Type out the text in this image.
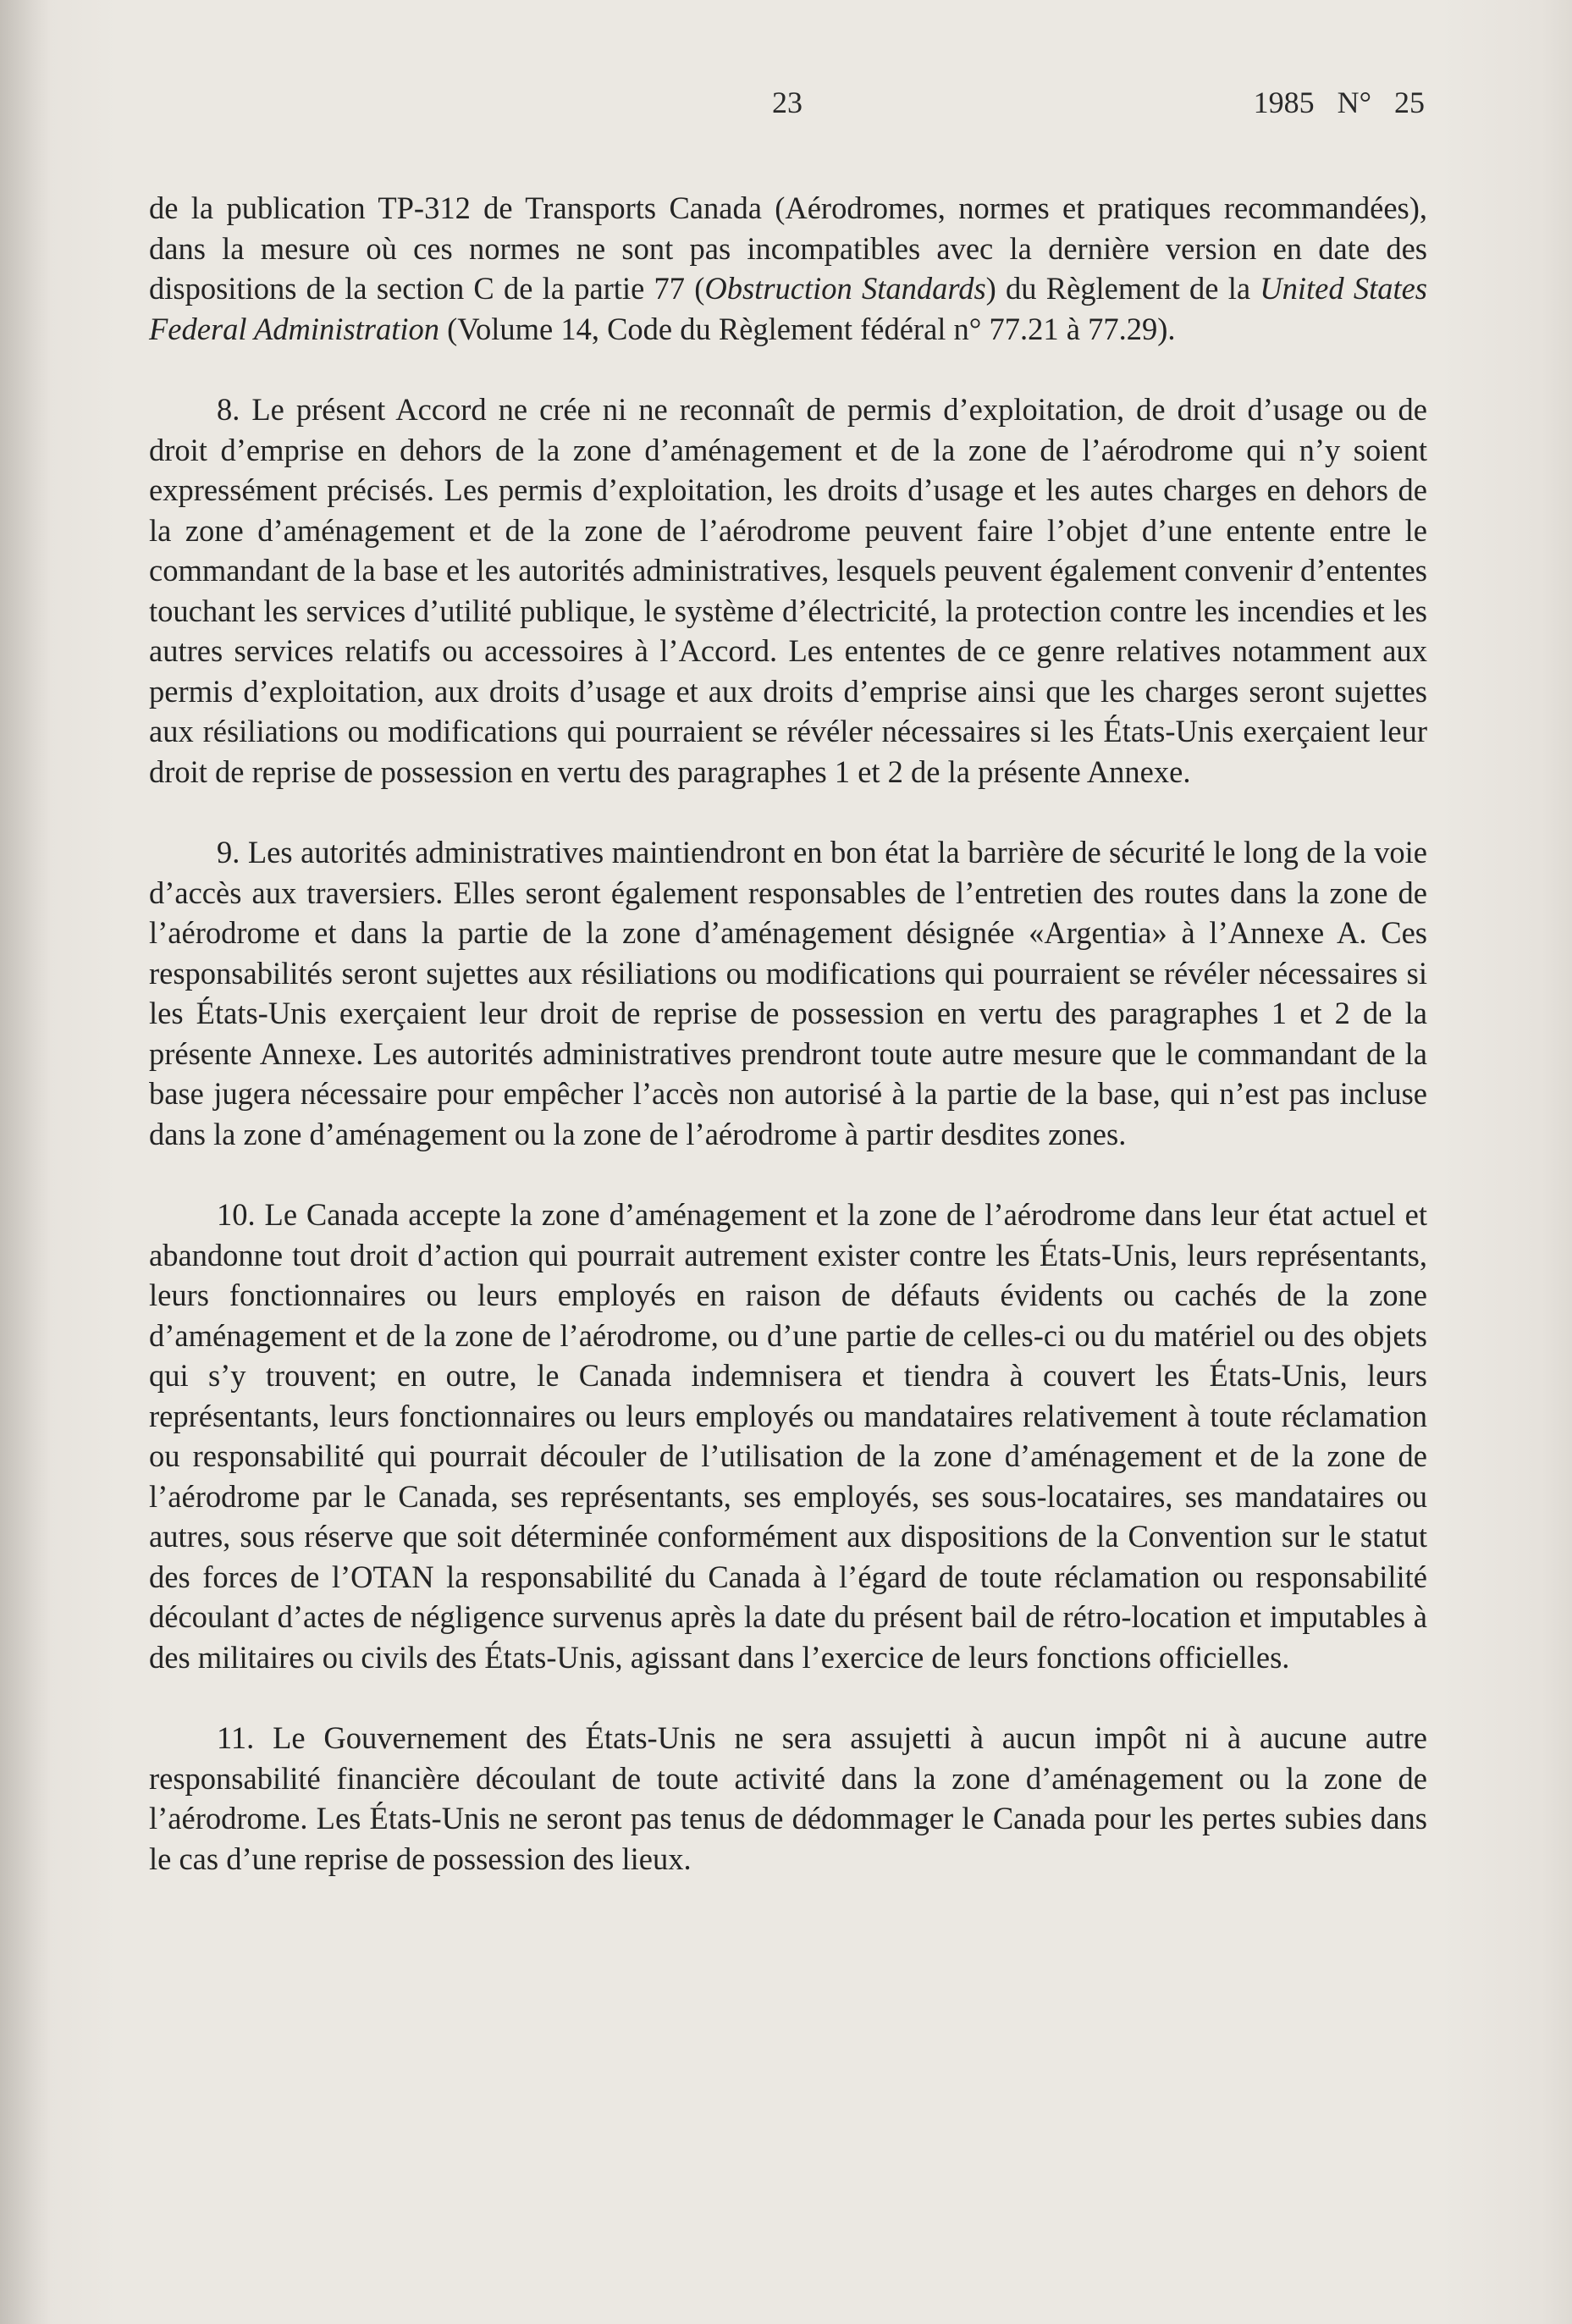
23	1985 N° 25

de la publication TP-312 de Transports Canada (Aérodromes, normes et pratiques recommandées), dans la mesure où ces normes ne sont pas incompatibles avec la dernière version en date des dispositions de la section C de la partie 77 (Obstruction Standards) du Règlement de la United States Federal Administration (Volume 14, Code du Règlement fédéral n° 77.21 à 77.29).

8. Le présent Accord ne crée ni ne reconnaît de permis d’exploitation, de droit d’usage ou de droit d’emprise en dehors de la zone d’aménagement et de la zone de l’aérodrome qui n’y soient expressément précisés. Les permis d’exploitation, les droits d’usage et les autes charges en dehors de la zone d’aménagement et de la zone de l’aérodrome peuvent faire l’objet d’une entente entre le commandant de la base et les autorités administratives, lesquels peuvent également convenir d’ententes touchant les services d’utilité publique, le système d’électricité, la protection contre les incendies et les autres services relatifs ou accessoires à l’Accord. Les ententes de ce genre relatives notamment aux permis d’exploitation, aux droits d’usage et aux droits d’emprise ainsi que les charges seront sujettes aux résiliations ou modifications qui pourraient se révéler nécessaires si les États-Unis exerçaient leur droit de reprise de possession en vertu des paragraphes 1 et 2 de la présente Annexe.

9. Les autorités administratives maintiendront en bon état la barrière de sécurité le long de la voie d’accès aux traversiers. Elles seront également responsables de l’entretien des routes dans la zone de l’aérodrome et dans la partie de la zone d’aménagement désignée «Argentia» à l’Annexe A. Ces responsabilités seront sujettes aux résiliations ou modifications qui pourraient se révéler nécessaires si les États-Unis exerçaient leur droit de reprise de possession en vertu des paragraphes 1 et 2 de la présente Annexe. Les autorités administratives prendront toute autre mesure que le commandant de la base jugera nécessaire pour empêcher l’accès non autorisé à la partie de la base, qui n’est pas incluse dans la zone d’aménagement ou la zone de l’aérodrome à partir desdites zones.

10. Le Canada accepte la zone d’aménagement et la zone de l’aérodrome dans leur état actuel et abandonne tout droit d’action qui pourrait autrement exister contre les États-Unis, leurs représentants, leurs fonctionnaires ou leurs employés en raison de défauts évidents ou cachés de la zone d’aménagement et de la zone de l’aérodrome, ou d’une partie de celles-ci ou du matériel ou des objets qui s’y trouvent; en outre, le Canada indemnisera et tiendra à couvert les États-Unis, leurs représentants, leurs fonctionnaires ou leurs employés ou mandataires relativement à toute réclamation ou responsabilité qui pourrait découler de l’utilisation de la zone d’aménagement et de la zone de l’aérodrome par le Canada, ses représentants, ses employés, ses sous-locataires, ses mandataires ou autres, sous réserve que soit déterminée conformément aux dispositions de la Convention sur le statut des forces de l’OTAN la responsabilité du Canada à l’égard de toute réclamation ou responsabilité découlant d’actes de négligence survenus après la date du présent bail de rétro-location et imputables à des militaires ou civils des États-Unis, agissant dans l’exercice de leurs fonctions officielles.

11. Le Gouvernement des États-Unis ne sera assujetti à aucun impôt ni à aucune autre responsabilité financière découlant de toute activité dans la zone d’aménagement ou la zone de l’aérodrome. Les États-Unis ne seront pas tenus de dédommager le Canada pour les pertes subies dans le cas d’une reprise de possession des lieux.
